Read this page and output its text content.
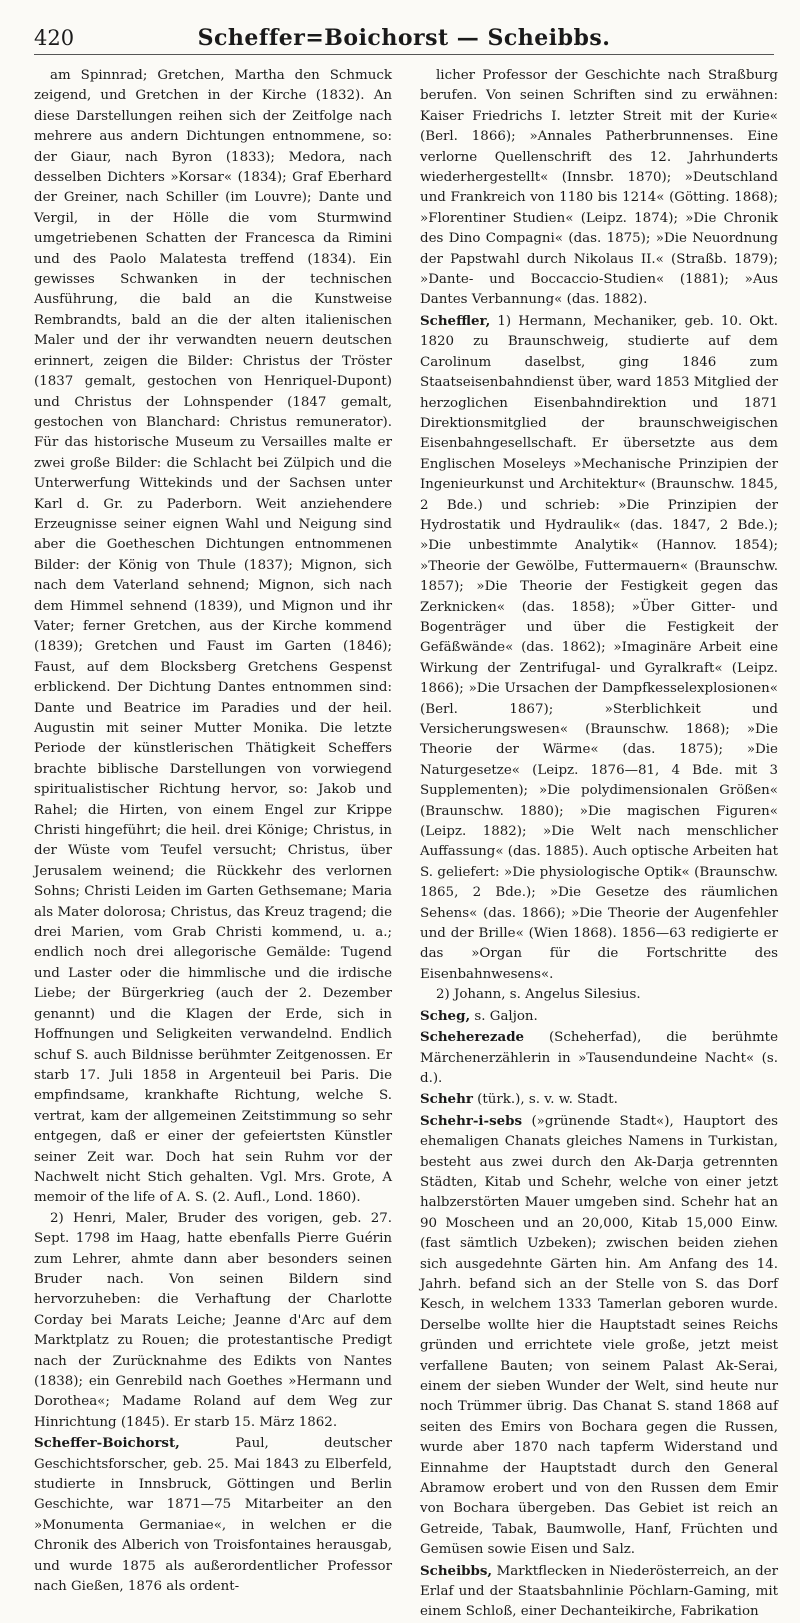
420	Scheffer=Boichorst — Scheibbs.

am Spinnrad; Gretchen, Martha den Schmuck zeigend, und Gretchen in der Kirche (1832). An diese Darstellungen reihen sich der Zeitfolge nach mehrere aus andern Dichtungen entnommene, so: der Giaur, nach Byron (1833); Medora, nach desselben Dichters »Korsar« (1834); Graf Eberhard der Greiner, nach Schiller (im Louvre); Dante und Vergil, in der Hölle die vom Sturmwind umgetriebenen Schatten der Francesca da Rimini und des Paolo Malatesta treffend (1834). Ein gewisses Schwanken in der technischen Ausführung, die bald an die Kunstweise Rembrandts, bald an die der alten italienischen Maler und der ihr verwandten neuern deutschen erinnert, zeigen die Bilder: Christus der Tröster (1837 gemalt, gestochen von Henriquel-Dupont) und Christus der Lohnspender (1847 gemalt, gestochen von Blanchard: Christus remunerator). Für das historische Museum zu Versailles malte er zwei große Bilder: die Schlacht bei Zülpich und die Unterwerfung Wittekinds und der Sachsen unter Karl d. Gr. zu Paderborn. Weit anziehendere Erzeugnisse seiner eignen Wahl und Neigung sind aber die Goetheschen Dichtungen entnommenen Bilder: der König von Thule (1837); Mignon, sich nach dem Vaterland sehnend; Mignon, sich nach dem Himmel sehnend (1839), und Mignon und ihr Vater; ferner Gretchen, aus der Kirche kommend (1839); Gretchen und Faust im Garten (1846); Faust, auf dem Blocksberg Gretchens Gespenst erblickend. Der Dichtung Dantes entnommen sind: Dante und Beatrice im Paradies und der heil. Augustin mit seiner Mutter Monika. Die letzte Periode der künstlerischen Thätigkeit Scheffers brachte biblische Darstellungen von vorwiegend spiritualistischer Richtung hervor, so: Jakob und Rahel; die Hirten, von einem Engel zur Krippe Christi hingeführt; die heil. drei Könige; Christus, in der Wüste vom Teufel versucht; Christus, über Jerusalem weinend; die Rückkehr des verlornen Sohns; Christi Leiden im Garten Gethsemane; Maria als Mater dolorosa; Christus, das Kreuz tragend; die drei Marien, vom Grab Christi kommend, u. a.; endlich noch drei allegorische Gemälde: Tugend und Laster oder die himmlische und die irdische Liebe; der Bürgerkrieg (auch der 2. Dezember genannt) und die Klagen der Erde, sich in Hoffnungen und Seligkeiten verwandelnd. Endlich schuf S. auch Bildnisse berühmter Zeitgenossen. Er starb 17. Juli 1858 in Argenteuil bei Paris. Die empfindsame, krankhafte Richtung, welche S. vertrat, kam der allgemeinen Zeitstimmung so sehr entgegen, daß er einer der gefeiertsten Künstler seiner Zeit war. Doch hat sein Ruhm vor der Nachwelt nicht Stich gehalten. Vgl. Mrs. Grote, A memoir of the life of A. S. (2. Aufl., Lond. 1860).

2) Henri, Maler, Bruder des vorigen, geb. 27. Sept. 1798 im Haag, hatte ebenfalls Pierre Guérin zum Lehrer, ahmte dann aber besonders seinen Bruder nach. Von seinen Bildern sind hervorzuheben: die Verhaftung der Charlotte Corday bei Marats Leiche; Jeanne d'Arc auf dem Marktplatz zu Rouen; die protestantische Predigt nach der Zurücknahme des Edikts von Nantes (1838); ein Genrebild nach Goethes »Hermann und Dorothea«; Madame Roland auf dem Weg zur Hinrichtung (1845). Er starb 15. März 1862.

Scheffer-Boichorst, Paul, deutscher Geschichtsforscher, geb. 25. Mai 1843 zu Elberfeld, studierte in Innsbruck, Göttingen und Berlin Geschichte, war 1871—75 Mitarbeiter an den »Monumenta Germaniae«, in welchen er die Chronik des Alberich von Troisfontaines herausgab, und wurde 1875 als außerordentlicher Professor nach Gießen, 1876 als ordent-

licher Professor der Geschichte nach Straßburg berufen. Von seinen Schriften sind zu erwähnen: Kaiser Friedrichs I. letzter Streit mit der Kurie« (Berl. 1866); »Annales Patherbrunnenses. Eine verlorne Quellenschrift des 12. Jahrhunderts wiederhergestellt« (Innsbr. 1870); »Deutschland und Frankreich von 1180 bis 1214« (Götting. 1868); »Florentiner Studien« (Leipz. 1874); »Die Chronik des Dino Compagni« (das. 1875); »Die Neuordnung der Papstwahl durch Nikolaus II.« (Straßb. 1879); »Dante- und Boccaccio-Studien« (1881); »Aus Dantes Verbannung« (das. 1882).

Scheffler, 1) Hermann, Mechaniker, geb. 10. Okt. 1820 zu Braunschweig, studierte auf dem Carolinum daselbst, ging 1846 zum Staatseisenbahndienst über, ward 1853 Mitglied der herzoglichen Eisenbahndirektion und 1871 Direktionsmitglied der braunschweigischen Eisenbahngesellschaft. Er übersetzte aus dem Englischen Moseleys »Mechanische Prinzipien der Ingenieurkunst und Architektur« (Braunschw. 1845, 2 Bde.) und schrieb: »Die Prinzipien der Hydrostatik und Hydraulik« (das. 1847, 2 Bde.); »Die unbestimmte Analytik« (Hannov. 1854); »Theorie der Gewölbe, Futtermauern« (Braunschw. 1857); »Die Theorie der Festigkeit gegen das Zerknicken« (das. 1858); »Über Gitter- und Bogenträger und über die Festigkeit der Gefäßwände« (das. 1862); »Imaginäre Arbeit eine Wirkung der Zentrifugal- und Gyralkraft« (Leipz. 1866); »Die Ursachen der Dampfkesselexplosionen« (Berl. 1867); »Sterblichkeit und Versicherungswesen« (Braunschw. 1868); »Die Theorie der Wärme« (das. 1875); »Die Naturgesetze« (Leipz. 1876—81, 4 Bde. mit 3 Supplementen); »Die polydimensionalen Größen« (Braunschw. 1880); »Die magischen Figuren« (Leipz. 1882); »Die Welt nach menschlicher Auffassung« (das. 1885). Auch optische Arbeiten hat S. geliefert: »Die physiologische Optik« (Braunschw. 1865, 2 Bde.); »Die Gesetze des räumlichen Sehens« (das. 1866); »Die Theorie der Augenfehler und der Brille« (Wien 1868). 1856—63 redigierte er das »Organ für die Fortschritte des Eisenbahnwesens«.

2) Johann, s. Angelus Silesius.

Scheg, s. Galjon.

Scheherezade (Scheherfad), die berühmte Märchenerzählerin in »Tausendundeine Nacht« (s. d.).

Schehr (türk.), s. v. w. Stadt.

Schehr-i-sebs (»grünende Stadt«), Hauptort des ehemaligen Chanats gleiches Namens in Turkistan, besteht aus zwei durch den Ak-Darja getrennten Städten, Kitab und Schehr, welche von einer jetzt halbzerstörten Mauer umgeben sind. Schehr hat an 90 Moscheen und an 20,000, Kitab 15,000 Einw. (fast sämtlich Uzbeken); zwischen beiden ziehen sich ausgedehnte Gärten hin. Am Anfang des 14. Jahrh. befand sich an der Stelle von S. das Dorf Kesch, in welchem 1333 Tamerlan geboren wurde. Derselbe wollte hier die Hauptstadt seines Reichs gründen und errichtete viele große, jetzt meist verfallene Bauten; von seinem Palast Ak-Serai, einem der sieben Wunder der Welt, sind heute nur noch Trümmer übrig. Das Chanat S. stand 1868 auf seiten des Emirs von Bochara gegen die Russen, wurde aber 1870 nach tapferm Widerstand und Einnahme der Hauptstadt durch den General Abramow erobert und von den Russen dem Emir von Bochara übergeben. Das Gebiet ist reich an Getreide, Tabak, Baumwolle, Hanf, Früchten und Gemüsen sowie Eisen und Salz.

Scheibbs, Marktflecken in Niederösterreich, an der Erlaf und der Staatsbahnlinie Pöchlarn-Gaming, mit einem Schloß, einer Dechanteikirche, Fabrikation
